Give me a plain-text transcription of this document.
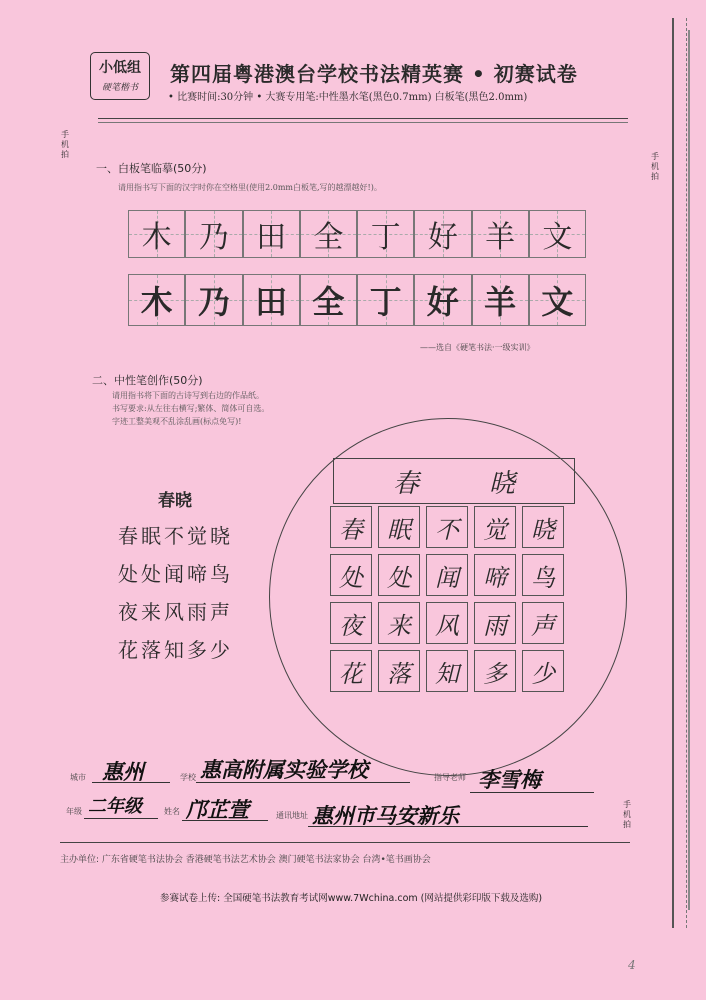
小低组
硬笔楷书
第四届粤港澳台学校书法精英赛 • 初赛试卷
• 比赛时间:30分钟 • 大赛专用笔:中性墨水笔(黑色0.7mm) 白板笔(黑色2.0mm)
手机拍	手机拍
手机拍
一、白板笔临摹(50分)
请用指书写下面的汉字时你在空格里(使用2.0mm白板笔,写的越漂越好!)。
木 乃 田 全 丁 好 羊 文
木 乃 田 全 丁 好 羊 文
——选自《硬笔书法·一级实训》
二、中性笔创作(50分)
请用指书将下面的古诗写到右边的作品纸。
书写要求:从左往右横写;繁体、简体可自选。
字迹工整美观不乱涂乱画(标点免写)!
春晓
春眠不觉晓
处处闻啼鸟
夜来风雨声
花落知多少
春	晓
春	眠	不	觉	晓
处	处	闻	啼	鸟
夜	来	风	雨	声
花	落	知	多	少
城市 惠州	学校 惠高附属实验学校	指导老师 李雪梅
年级 二年级	姓名 邝芷萱	通讯地址 惠州市马安新乐
主办单位: 广东省硬笔书法协会 香港硬笔书法艺术协会 澳门硬笔书法家协会 台湾•笔书画协会
参赛试卷上传: 全国硬笔书法教育考试网www.7Wchina.com (网站提供彩印版下载及选购)
4
